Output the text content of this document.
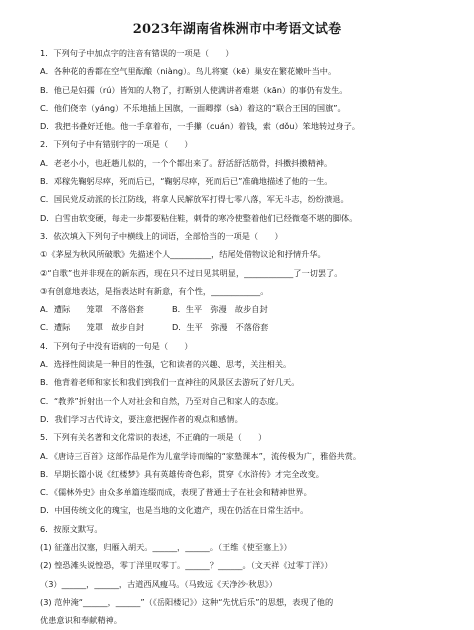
2023年湖南省株洲市中考语文试卷
1．下列句子中加点字的注音有错误的一项是（　　）
A．各种花的香都在空气里酝酿（niàng）。鸟儿将窠（kē）巢安在繁花嫩叶当中。
B．他已是妇孺（rú）皆知的人物了，打断别人使满讲者难堪（kān）的事仍有发生。
C．他们侥幸（yáng）不乐地插上国旗，一面卿撑（sà）着这的“联合王国的国旗”。
D．我把书叠好迁他。他一手拿着布，一手攥（cuán）着钱，索（dǒu）笨地转过身子。
2．下列句子中有错别字的一项是（　　）
A．老老小小，也赶趟儿似的，一个个都出来了。舒活舒活筋骨，抖擞抖擞精神。
B．邓稼先鞠躬尽瘁，死而后已，“鞠躬尽瘁，死而后已”准确地描述了他的一生。
C．国民党反动派的长江防线，将拿人民解放军打得七零八落，军无斗志，纷纷溃退。
D．白雪由软变硬，每走一步都要粘住鞋，刺骨的寒冷使整着他们已经微毫不堪的脚体。
3．依次填入下列句子中横线上的词语，全部恰当的一项是（　　）
①《茅屋为秋风所破歌》先描述个人__________，结尾处借物议论和抒情升华。
②“自歌”也并非现在的新东西，现在只不过日见其明显，____________了一切罢了。
③有创意地表达，是指表达时有新意，有个性，____________。
A．遭际　　笼罩　不落俗套	B．生平　弥漫　故步自封
C．遭际　　笼罩　故步自封	D．生平　弥漫　不落俗套
4．下列句子中没有语病的一句是（　　）
A．选择性阅读是一种目的性强，它和读者的兴趣、思考，关注相关。
B．他背着老师和家长和我们到我们一直神往的风景区去游玩了好几天。
C．“教养”折射出一个人对社会和自然，乃至对自己和家人的态度。
D．我们学习古代诗文，要注意把握作者的观点和感情。
5．下列有关名著和文化常识的表述，不正确的一项是（　　）
A．《唐诗三百首》这部作品是作为儿童学诗而编的“家塾课本”，流传极为广，雅俗共赏。
B．早期长篇小说《红楼梦》具有英雄传奇色彩，贯穿《水浒传》才完全改变。
C．《儒林外史》由众多单篇连缀而成，表现了普通士子在社会和精神世界。
D．中国传统文化的瑰宝，也是当地的文化遗产，现在仍活在日常生活中。
6．按原文默写。
(1) 征蓬出汉塞，归雁入胡天。______，______。（王维《使至塞上》）
(2) 惶恐滩头说惶恐，零丁洋里叹零丁。______？______。（文天祥《过零丁洋》）
（3）______，______，古道西风瘦马。（马致远《天净沙·秋思》）
(3) 范仲淹“______，______”（《岳阳楼记》）这种“先忧后乐”的思想，表现了他的
优患意识和奉献精神。
